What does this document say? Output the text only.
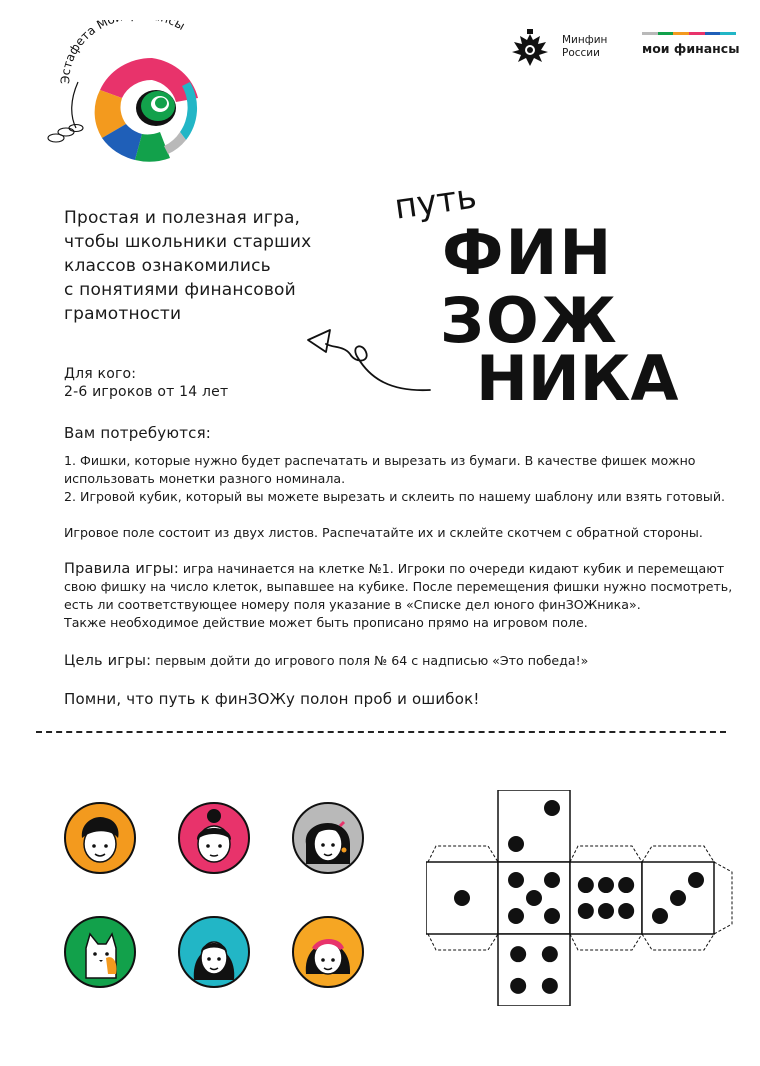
Эстафета М сы
Минфин
России	мои финансы
Простая и полезная игра,
чтобы школьники старших
классов ознакомились
с понятиями финансовой
грамотности
путь
ФИН
ЗОЖ
НИКА
Для кого:
2-6 игроков от 14 лет
Вам потребуются:
1. Фишки, которые нужно будет распечатать и вырезать из бумаги. В качестве фишек можно
использовать монетки разного номинала.
2. Игровой кубик, который вы можете вырезать и склеить по нашему шаблону или взять готовый.
Игровое поле состоит из двух листов. Распечатайте их и склейте скотчем с обратной стороны.
Правила игры: игра начинается на клетке №1. Игроки по очереди кидают кубик и перемещают
свою фишку на число клеток, выпавшее на кубике. После перемещения фишки нужно посмотреть,
есть ли соответствующее номеру поля указание в «Списке дел юного финЗОЖника».
Также необходимое действие может быть прописано прямо на игровом поле.
Цель игры: первым дойти до игрового поля № 64 с надписью «Это победа!»
Помни, что путь к финЗОЖу полон проб и ошибок!
